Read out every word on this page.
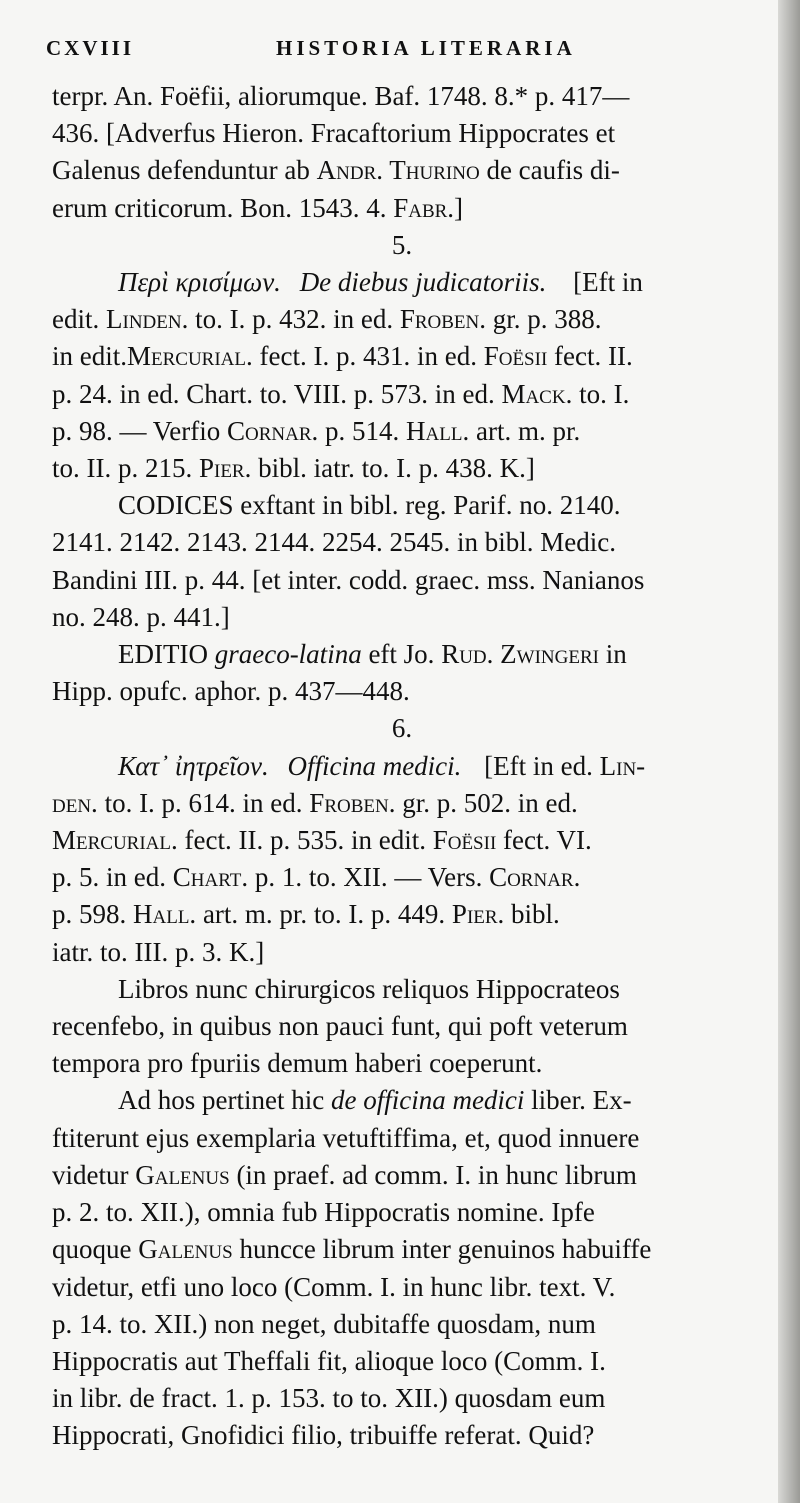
CXVIII	HISTORIA LITERARIA

terpr. An. Foëfii, aliorumque. Baf. 1748. 8.* p. 417—
436. [Adverfus Hieron. Fracaftorium Hippocrates et
Galenus defenduntur ab Andr. Thurino de caufis di-
erum criticorum. Bon. 1543. 4. Fabr.]

5.

Περὶ κρισίμων. De diebus judicatoriis. [Eft in
edit. Linden. to. I. p. 432. in ed. Froben. gr. p. 388.
in edit.Mercurial. fect. I. p. 431. in ed. Foësii fect. II.
p. 24. in ed. Chart. to. VIII. p. 573. in ed. Mack. to. I.
p. 98. — Verfio Cornar. p. 514. Hall. art. m. pr.
to. II. p. 215. Pier. bibl. iatr. to. I. p. 438. K.]

CODICES exftant in bibl. reg. Parif. no. 2140.
2141. 2142. 2143. 2144. 2254. 2545. in bibl. Medic.
Bandini III. p. 44. [et inter. codd. graec. mss. Nanianos
no. 248. p. 441.]

EDITIO graeco-latina eft Jo. Rud. Zwingeri in
Hipp. opufc. aphor. p. 437—448.

6.

Κατ᾽ ἰητρεῖον. Officina medici. [Eft in ed. Lin-
den. to. I. p. 614. in ed. Froben. gr. p. 502. in ed.
Mercurial. fect. II. p. 535. in edit. Foësii fect. VI.
p. 5. in ed. Chart. p. 1. to. XII. — Vers. Cornar.
p. 598. Hall. art. m. pr. to. I. p. 449. Pier. bibl.
iatr. to. III. p. 3. K.]

Libros nunc chirurgicos reliquos Hippocrateos
recenfebo, in quibus non pauci funt, qui poft veterum
tempora pro fpuriis demum haberi coeperunt.

Ad hos pertinet hic de officina medici liber. Ex-
ftiterunt ejus exemplaria vetuftiffima, et, quod innuere
videtur Galenus (in praef. ad comm. I. in hunc librum
p. 2. to. XII.), omnia fub Hippocratis nomine. Ipfe
quoque Galenus huncce librum inter genuinos habuiffe
videtur, etfi uno loco (Comm. I. in hunc libr. text. V.
p. 14. to. XII.) non neget, dubitaffe quosdam, num
Hippocratis aut Theffali fit, alioque loco (Comm. I.
in libr. de fract. 1. p. 153. to to. XII.) quosdam eum
Hippocrati, Gnofidici filio, tribuiffe referat. Quid?
